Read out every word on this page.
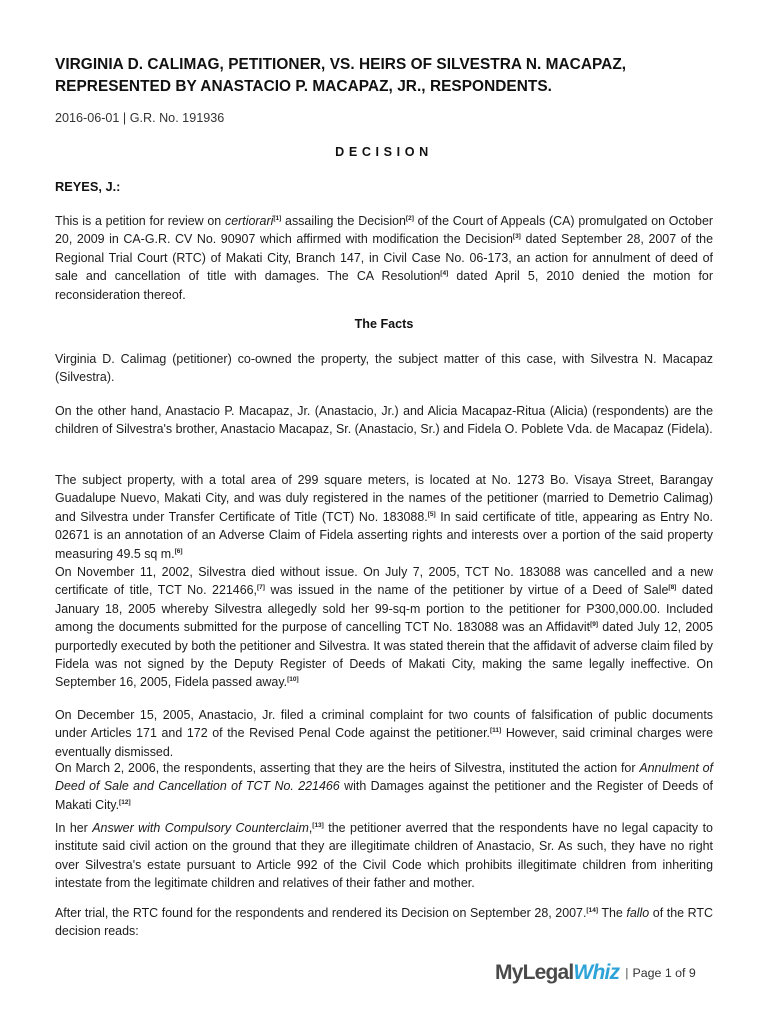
VIRGINIA D. CALIMAG, PETITIONER, VS. HEIRS OF SILVESTRA N. MACAPAZ, REPRESENTED BY ANASTACIO P. MACAPAZ, JR., RESPONDENTS.
2016-06-01 | G.R. No. 191936
DECISION
REYES, J.:
This is a petition for review on certiorari[1] assailing the Decision[2] of the Court of Appeals (CA) promulgated on October 20, 2009 in CA-G.R. CV No. 90907 which affirmed with modification the Decision[3] dated September 28, 2007 of the Regional Trial Court (RTC) of Makati City, Branch 147, in Civil Case No. 06-173, an action for annulment of deed of sale and cancellation of title with damages. The CA Resolution[4] dated April 5, 2010 denied the motion for reconsideration thereof.
The Facts
Virginia D. Calimag (petitioner) co-owned the property, the subject matter of this case, with Silvestra N. Macapaz (Silvestra).
On the other hand, Anastacio P. Macapaz, Jr. (Anastacio, Jr.) and Alicia Macapaz-Ritua (Alicia) (respondents) are the children of Silvestra's brother, Anastacio Macapaz, Sr. (Anastacio, Sr.) and Fidela O. Poblete Vda. de Macapaz (Fidela).
The subject property, with a total area of 299 square meters, is located at No. 1273 Bo. Visaya Street, Barangay Guadalupe Nuevo, Makati City, and was duly registered in the names of the petitioner (married to Demetrio Calimag) and Silvestra under Transfer Certificate of Title (TCT) No. 183088.[5] In said certificate of title, appearing as Entry No. 02671 is an annotation of an Adverse Claim of Fidela asserting rights and interests over a portion of the said property measuring 49.5 sq m.[6]
On November 11, 2002, Silvestra died without issue. On July 7, 2005, TCT No. 183088 was cancelled and a new certificate of title, TCT No. 221466,[7] was issued in the name of the petitioner by virtue of a Deed of Sale[8] dated January 18, 2005 whereby Silvestra allegedly sold her 99-sq-m portion to the petitioner for P300,000.00. Included among the documents submitted for the purpose of cancelling TCT No. 183088 was an Affidavit[9] dated July 12, 2005 purportedly executed by both the petitioner and Silvestra. It was stated therein that the affidavit of adverse claim filed by Fidela was not signed by the Deputy Register of Deeds of Makati City, making the same legally ineffective. On September 16, 2005, Fidela passed away.[10]
On December 15, 2005, Anastacio, Jr. filed a criminal complaint for two counts of falsification of public documents under Articles 171 and 172 of the Revised Penal Code against the petitioner.[11] However, said criminal charges were eventually dismissed.
On March 2, 2006, the respondents, asserting that they are the heirs of Silvestra, instituted the action for Annulment of Deed of Sale and Cancellation of TCT No. 221466 with Damages against the petitioner and the Register of Deeds of Makati City.[12]
In her Answer with Compulsory Counterclaim,[13] the petitioner averred that the respondents have no legal capacity to institute said civil action on the ground that they are illegitimate children of Anastacio, Sr. As such, they have no right over Silvestra's estate pursuant to Article 992 of the Civil Code which prohibits illegitimate children from inheriting intestate from the legitimate children and relatives of their father and mother.
After trial, the RTC found for the respondents and rendered its Decision on September 28, 2007.[14] The fallo of the RTC decision reads:
MyLegalWhiz | Page 1 of 9
